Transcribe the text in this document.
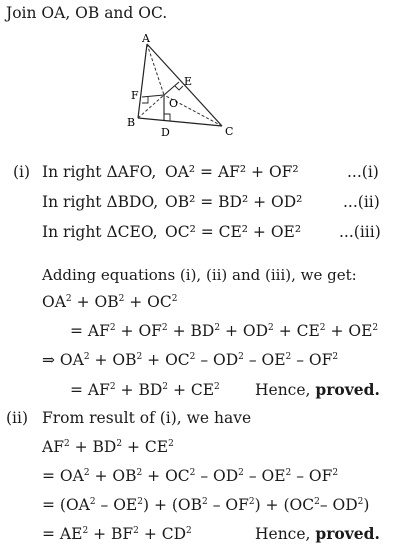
Join OA, OB and OC.
A
B
C
D
E
F
O
(i) In right ΔAFO, OA² = AF² + OF²	...(i)
In right ΔBDO, OB² = BD² + OD²	...(ii)
In right ΔCEO, OC² = CE² + OE² ...(iii)
Adding equations (i), (ii) and (iii), we get:
$OA^2 + OB^2 + OC^2$
= $AF^2 + OF^2 + BD^2 + OD^2 + CE^2 + OE^2$
⇒ $OA^2 + OB^2 + OC^2 - OD^2 - OE^2 - OF^2$
= $AF^2 + BD^2 + CE^2$ Hence, proved.
(ii) From result of (i), we have
$AF^2 + BD^2 + CE^2$
= $OA^2 + OB^2 + OC^2 - OD^2 - OE^2 - OF^2$
= $(OA^2 - OE^2) + (OB^2 - OF^2) + (OC^2-$ $OD^2$)
= $AE^2 + BF^2 + CD^2$	Hence, proved.
